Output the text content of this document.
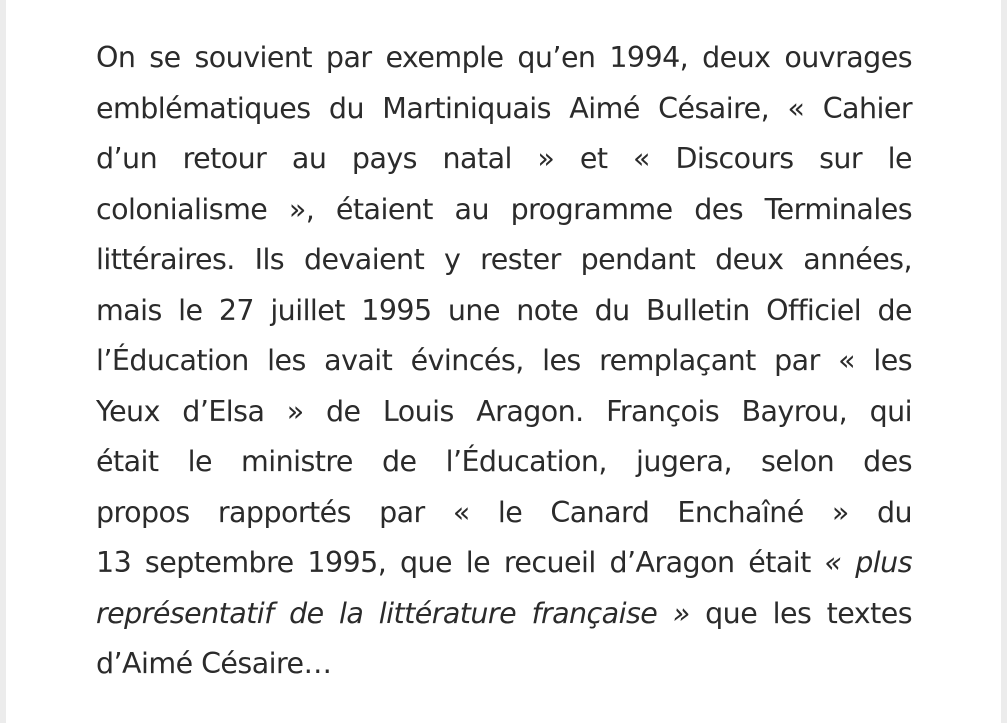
On se souvient par exemple qu’en 1994, deux ouvrages
emblématiques du Martiniquais Aimé Césaire, « Cahier
d’un retour au pays natal » et « Discours sur le
colonialisme », étaient au programme des Terminales
littéraires. Ils devaient y rester pendant deux années,
mais le 27 juillet 1995 une note du Bulletin Officiel de
l’Éducation les avait évincés, les remplaçant par « les
Yeux d’Elsa » de Louis Aragon. François Bayrou, qui
était le ministre de l’Éducation, jugera, selon des
propos rapportés par « le Canard Enchaîné » du
13 septembre 1995, que le recueil d’Aragon était « plus
représentatif de la littérature française » que les textes
d’Aimé Césaire…
